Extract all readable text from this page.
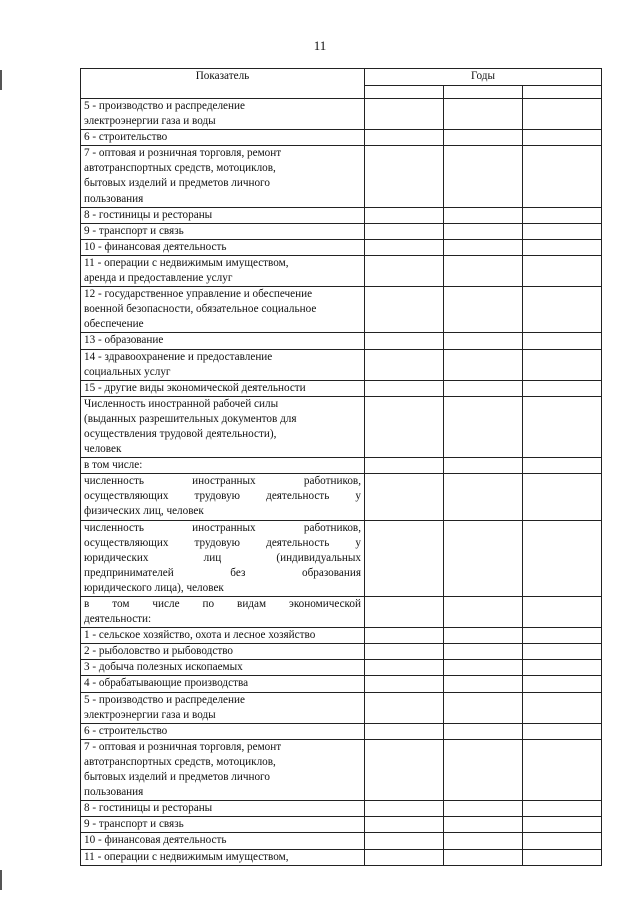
11
Показатель	Годы		

5 - производство и распределение
электроэнергии газа и воды			

6 - строительство			

7 - оптовая и розничная торговля, ремонт
автотранспортных средств, мотоциклов,
бытовых изделий и предметов личного
пользования			

8 - гостиницы и рестораны			

9 - транспорт и связь			

10 - финансовая деятельность			

11 - операции с недвижимым имуществом,
аренда и предоставление услуг			

12 - государственное управление и обеспечение
военной безопасности, обязательное социальное
обеспечение			

13 - образование			

14 - здравоохранение и предоставление
социальных услуг			

15 - другие виды экономической деятельности			

Численность иностранной рабочей силы
(выданных разрешительных документов для
осуществления трудовой деятельности),
человек			

в том числе:			

численность иностранных работников,
осуществляющих трудовую деятельность у
физических лиц, человек			

численность иностранных работников,
осуществляющих трудовую деятельность у
юридических лиц (индивидуальных
предпринимателей без образования
юридического лица), человек			

в том числе по видам экономической
деятельности:			

1 - сельское хозяйство, охота и лесное хозяйство			

2 - рыболовство и рыбоводство			

3 - добыча полезных ископаемых			

4 - обрабатывающие производства			

5 - производство и распределение
электроэнергии газа и воды			

6 - строительство			

7 - оптовая и розничная торговля, ремонт
автотранспортных средств, мотоциклов,
бытовых изделий и предметов личного
пользования			

8 - гостиницы и рестораны			

9 - транспорт и связь			

10 - финансовая деятельность			

11 - операции с недвижимым имуществом,			
